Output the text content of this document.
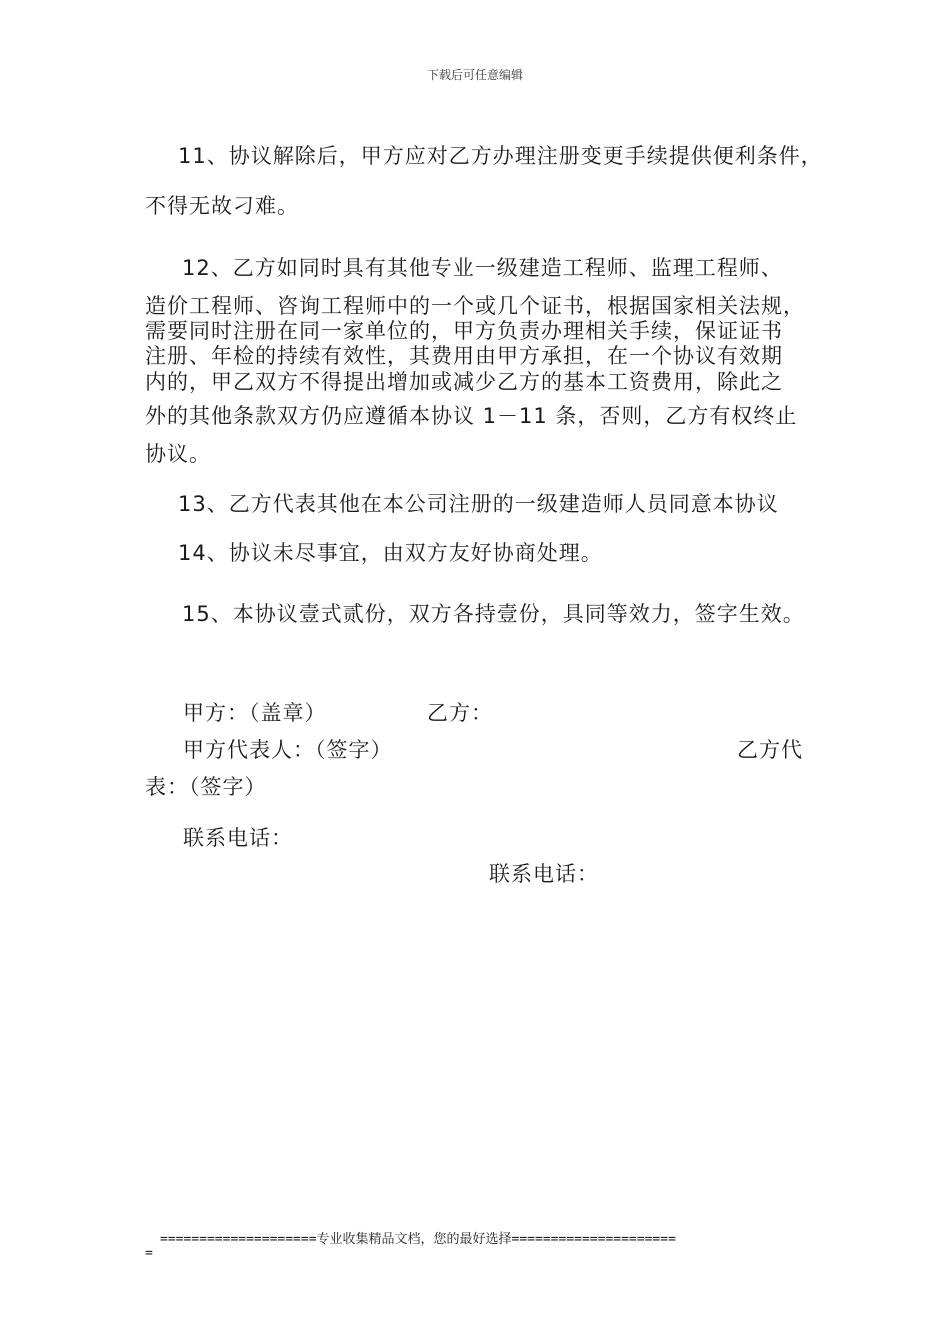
下载后可任意编辑
11、协议解除后，甲方应对乙方办理注册变更手续提供便利条件，
不得无故刁难。
12、乙方如同时具有其他专业一级建造工程师、监理工程师、
造价工程师、咨询工程师中的一个或几个证书，根据国家相关法规，
需要同时注册在同一家单位的，甲方负责办理相关手续，保证证书
注册、年检的持续有效性，其费用由甲方承担，在一个协议有效期
内的，甲乙双方不得提出增加或减少乙方的基本工资费用，除此之
外的其他条款双方仍应遵循本协议 1－11 条，否则，乙方有权终止
协议。
13、乙方代表其他在本公司注册的一级建造师人员同意本协议
14、协议未尽事宜，由双方友好协商处理。
15、本协议壹式贰份，双方各持壹份，具同等效力，签字生效。
甲方：（盖章）	乙方：
甲方代表人：（签字）	乙方代
表：（签字）
联系电话：
联系电话：
====================专业收集精品文档，您的最好选择=====================
=
